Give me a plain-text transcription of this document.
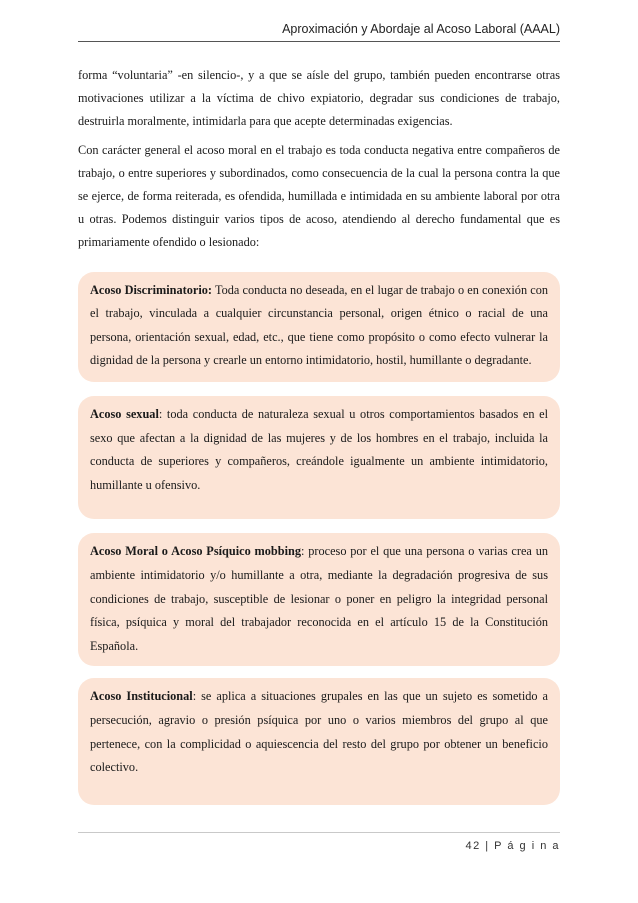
Aproximación y Abordaje al Acoso Laboral (AAAL)

forma “voluntaria” -en silencio-, y a que se aísle del grupo, también pueden encontrarse otras motivaciones utilizar a la víctima de chivo expiatorio, degradar sus condiciones de trabajo, destruirla moralmente, intimidarla para que acepte determinadas exigencias.

Con carácter general el acoso moral en el trabajo es toda conducta negativa entre compañeros de trabajo, o entre superiores y subordinados, como consecuencia de la cual la persona contra la que se ejerce, de forma reiterada, es ofendida, humillada e intimidada en su ambiente laboral por otra u otras. Podemos distinguir varios tipos de acoso, atendiendo al derecho fundamental que es primariamente ofendido o lesionado:

Acoso Discriminatorio: Toda conducta no deseada, en el lugar de trabajo o en conexión con el trabajo, vinculada a cualquier circunstancia personal, origen étnico o racial de una persona, orientación sexual, edad, etc., que tiene como propósito o como efecto vulnerar la dignidad de la persona y crearle un entorno intimidatorio, hostil, humillante o degradante.
Acoso sexual: toda conducta de naturaleza sexual u otros comportamientos basados en el sexo que afectan a la dignidad de las mujeres y de los hombres en el trabajo, incluida la conducta de superiores y compañeros, creándole igualmente un ambiente intimidatorio, humillante u ofensivo.
Acoso Moral o Acoso Psíquico mobbing: proceso por el que una persona o varias crea un ambiente intimidatorio y/o humillante a otra, mediante la degradación progresiva de sus condiciones de trabajo, susceptible de lesionar o poner en peligro la integridad personal física, psíquica y moral del trabajador reconocida en el artículo 15 de la Constitución Española.
Acoso Institucional: se aplica a situaciones grupales en las que un sujeto es sometido a persecución, agravio o presión psíquica por uno o varios miembros del grupo al que pertenece, con la complicidad o aquiescencia del resto del grupo por obtener un beneficio colectivo.
42 | P á g i n a
